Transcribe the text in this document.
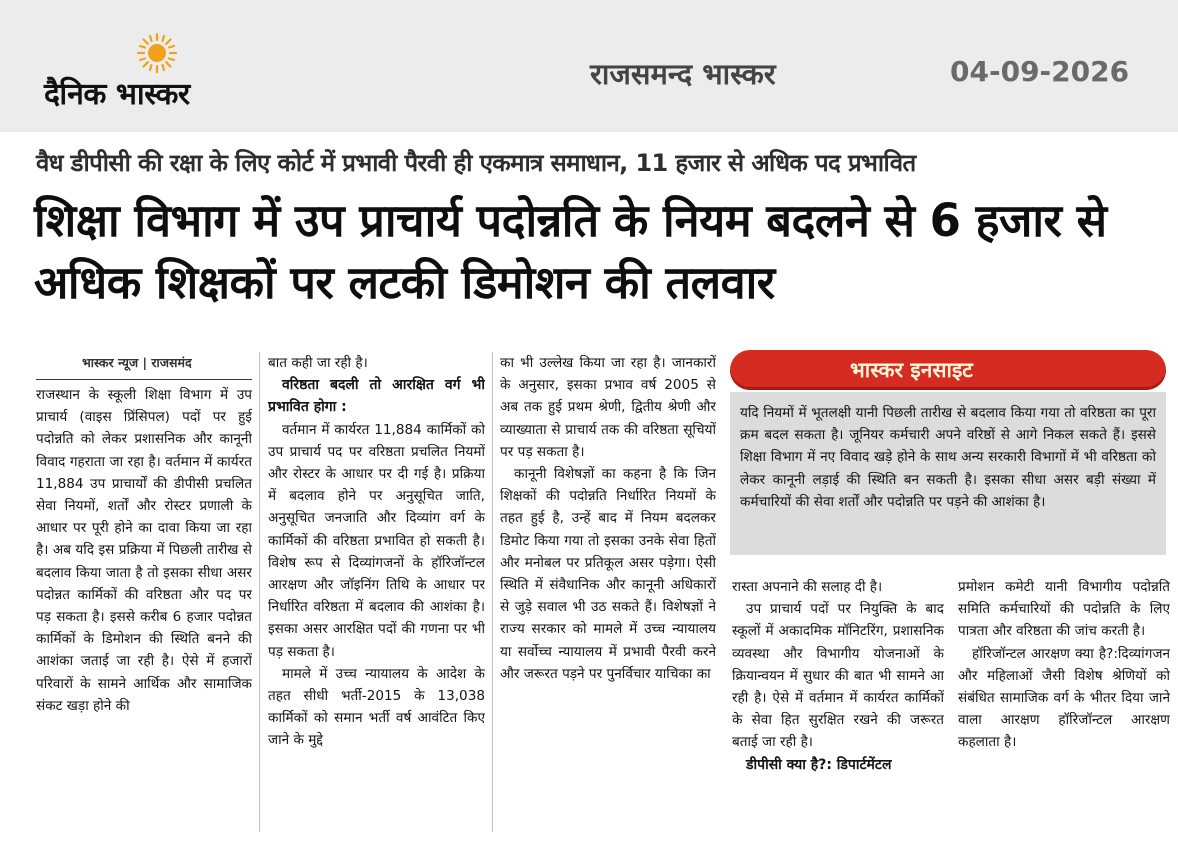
दैनिक भास्कर
राजसमन्द भास्कर	04-09-2026
वैध डीपीसी की रक्षा के लिए कोर्ट में प्रभावी पैरवी ही एकमात्र समाधान, 11 हजार से अधिक पद प्रभावित
शिक्षा विभाग में उप प्राचार्य पदोन्नति के नियम बदलने से 6 हजार से अधिक शिक्षकों पर लटकी डिमोशन की तलवार
भास्कर न्यूज | राजसमंद

राजस्थान के स्कूली शिक्षा विभाग में उप प्राचार्य (वाइस प्रिंसिपल) पदों पर हुई पदोन्नति को लेकर प्रशासनिक और कानूनी विवाद गहराता जा रहा है। वर्तमान में कार्यरत 11,884 उप प्राचार्यों की डीपीसी प्रचलित सेवा नियमों, शर्तों और रोस्टर प्रणाली के आधार पर पूरी होने का दावा किया जा रहा है। अब यदि इस प्रक्रिया में पिछली तारीख से बदलाव किया जाता है तो इसका सीधा असर पदोन्नत कार्मिकों की वरिष्ठता और पद पर पड़ सकता है। इससे करीब 6 हजार पदोन्नत कार्मिकों के डिमोशन की स्थिति बनने की आशंका जताई जा रही है। ऐसे में हजारों परिवारों के सामने आर्थिक और सामाजिक संकट खड़ा होने की

बात कही जा रही है।

वरिष्ठता बदली तो आरक्षित वर्ग भी प्रभावित होगा :

वर्तमान में कार्यरत 11,884 कार्मिकों को उप प्राचार्य पद पर वरिष्ठता प्रचलित नियमों और रोस्टर के आधार पर दी गई है। प्रक्रिया में बदलाव होने पर अनुसूचित जाति, अनुसूचित जनजाति और दिव्यांग वर्ग के कार्मिकों की वरिष्ठता प्रभावित हो सकती है। विशेष रूप से दिव्यांगजनों के हॉरिजॉन्टल आरक्षण और जॉइनिंग तिथि के आधार पर निर्धारित वरिष्ठता में बदलाव की आशंका है। इसका असर आरक्षित पदों की गणना पर भी पड़ सकता है।

मामले में उच्च न्यायालय के आदेश के तहत सीधी भर्ती-2015 के 13,038 कार्मिकों को समान भर्ती वर्ष आवंटित किए जाने के मुद्दे

का भी उल्लेख किया जा रहा है। जानकारों के अनुसार, इसका प्रभाव वर्ष 2005 से अब तक हुई प्रथम श्रेणी, द्वितीय श्रेणी और व्याख्याता से प्राचार्य तक की वरिष्ठता सूचियों पर पड़ सकता है।

कानूनी विशेषज्ञों का कहना है कि जिन शिक्षकों की पदोन्नति निर्धारित नियमों के तहत हुई है, उन्हें बाद में नियम बदलकर डिमोट किया गया तो इसका उनके सेवा हितों और मनोबल पर प्रतिकूल असर पड़ेगा। ऐसी स्थिति में संवैधानिक और कानूनी अधिकारों से जुड़े सवाल भी उठ सकते हैं। विशेषज्ञों ने राज्य सरकार को मामले में उच्च न्यायालय या सर्वोच्च न्यायालय में प्रभावी पैरवी करने और जरूरत पड़ने पर पुनर्विचार याचिका का

भास्कर इनसाइट
यदि नियमों में भूतलक्षी यानी पिछली तारीख से बदलाव किया गया तो वरिष्ठता का पूरा क्रम बदल सकता है। जूनियर कर्मचारी अपने वरिष्ठों से आगे निकल सकते हैं। इससे शिक्षा विभाग में नए विवाद खड़े होने के साथ अन्य सरकारी विभागों में भी वरिष्ठता को लेकर कानूनी लड़ाई की स्थिति बन सकती है। इसका सीधा असर बड़ी संख्या में कर्मचारियों की सेवा शर्तों और पदोन्नति पर पड़ने की आशंका है।

रास्ता अपनाने की सलाह दी है।

उप प्राचार्य पदों पर नियुक्ति के बाद स्कूलों में अकादमिक मॉनिटरिंग, प्रशासनिक व्यवस्था और विभागीय योजनाओं के क्रियान्वयन में सुधार की बात भी सामने आ रही है। ऐसे में वर्तमान में कार्यरत कार्मिकों के सेवा हित सुरक्षित रखने की जरूरत बताई जा रही है।

डीपीसी क्या है?: डिपार्टमेंटल

प्रमोशन कमेटी यानी विभागीय पदोन्नति समिति कर्मचारियों की पदोन्नति के लिए पात्रता और वरिष्ठता की जांच करती है।

हॉरिजॉन्टल आरक्षण क्या है?:दिव्यांगजन और महिलाओं जैसी विशेष श्रेणियों को संबंधित सामाजिक वर्ग के भीतर दिया जाने वाला आरक्षण हॉरिजॉन्टल आरक्षण कहलाता है।
